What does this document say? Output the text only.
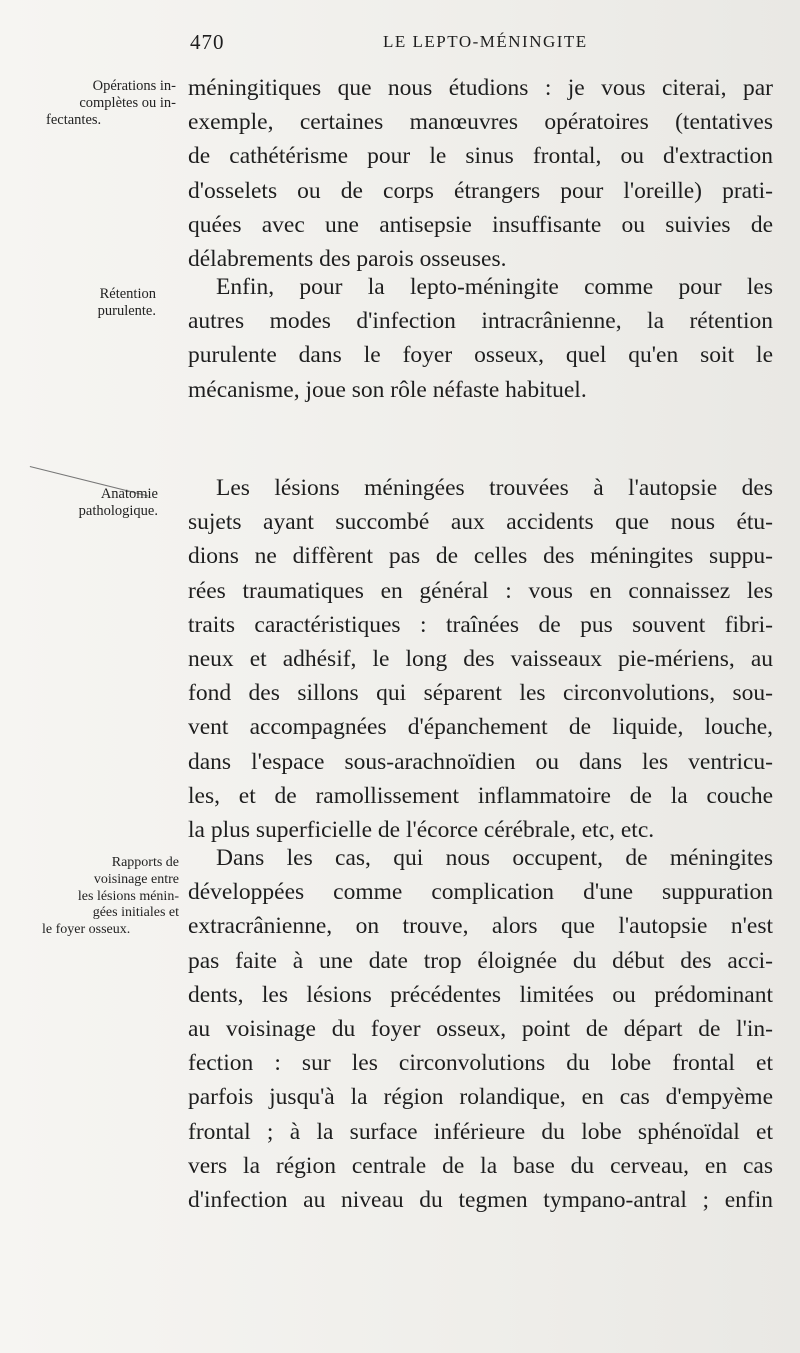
470	LE LEPTO-MÉNINGITE
Opérations in-
complètes ou in-
fectantes.
Rétention
purulente.
Anatomie
pathologique.
Rapports de
voisinage entre
les lésions ménin-
gées initiales et
le foyer osseux.
méningitiques que nous étudions : je vous citerai, par
exemple, certaines manœuvres opératoires (tentatives
de cathétérisme pour le sinus frontal, ou d'extraction
d'osselets ou de corps étrangers pour l'oreille) prati-
quées avec une antisepsie insuffisante ou suivies de
délabrements des parois osseuses.
Enfin, pour la lepto-méningite comme pour les
autres modes d'infection intracrânienne, la rétention
purulente dans le foyer osseux, quel qu'en soit le
mécanisme, joue son rôle néfaste habituel.
Les lésions méningées trouvées à l'autopsie des
sujets ayant succombé aux accidents que nous étu-
dions ne diffèrent pas de celles des méningites suppu-
rées traumatiques en général : vous en connaissez les
traits caractéristiques : traînées de pus souvent fibri-
neux et adhésif, le long des vaisseaux pie-mériens, au
fond des sillons qui séparent les circonvolutions, sou-
vent accompagnées d'épanchement de liquide, louche,
dans l'espace sous-arachnoïdien ou dans les ventricu-
les, et de ramollissement inflammatoire de la couche
la plus superficielle de l'écorce cérébrale, etc, etc.
Dans les cas, qui nous occupent, de méningites
développées comme complication d'une suppuration
extracrânienne, on trouve, alors que l'autopsie n'est
pas faite à une date trop éloignée du début des acci-
dents, les lésions précédentes limitées ou prédominant
au voisinage du foyer osseux, point de départ de l'in-
fection : sur les circonvolutions du lobe frontal et
parfois jusqu'à la région rolandique, en cas d'empyème
frontal ; à la surface inférieure du lobe sphénoïdal et
vers la région centrale de la base du cerveau, en cas
d'infection au niveau du tegmen tympano-antral ; enfin
